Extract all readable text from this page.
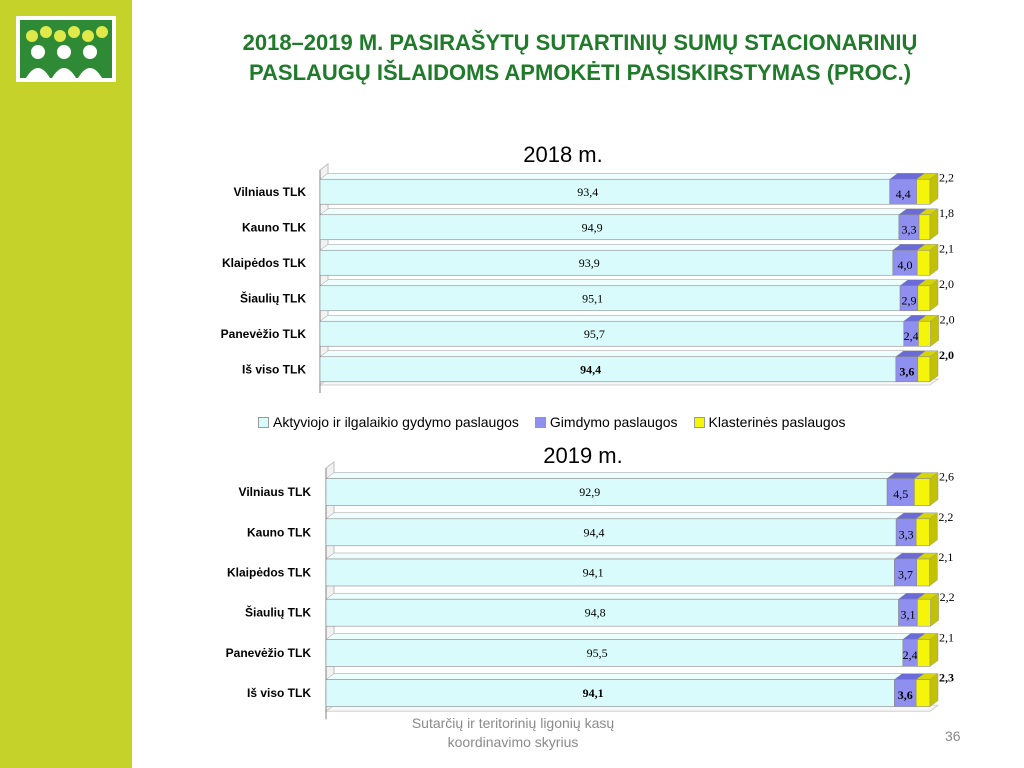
2018–2019 M. PASIRAŠYTŲ SUTARTINIŲ SUMŲ STACIONARINIŲ
PASLAUGŲ IŠLAIDOMS APMOKĖTI PASISKIRSTYMAS (PROC.)
2018 m.
2019 m.
93,4	4,4
2,2
Vilniaus TLK
94,9	3,3
1,8
Kauno TLK
93,9	4,0
2,1
Klaipėdos TLK
95,1	2,9
2,0
Šiaulių TLK
95,7	2,4
2,0
Panevėžio TLK
94,4	3,6
2,0
Iš viso TLK
92,9	4,5
2,6
Vilniaus TLK
94,4	3,3
2,2
Kauno TLK
94,1	3,7
2,1
Klaipėdos TLK
94,8	3,1
2,2
Šiaulių TLK
95,5	2,4
2,1
Panevėžio TLK
94,1	3,6
2,3
Iš viso TLK
Aktyviojo ir ilgalaikio gydymo paslaugos Gimdymo paslaugos Klasterinės paslaugos
Sutarčių ir teritorinių ligonių kasų
koordinavimo skyrius	36
